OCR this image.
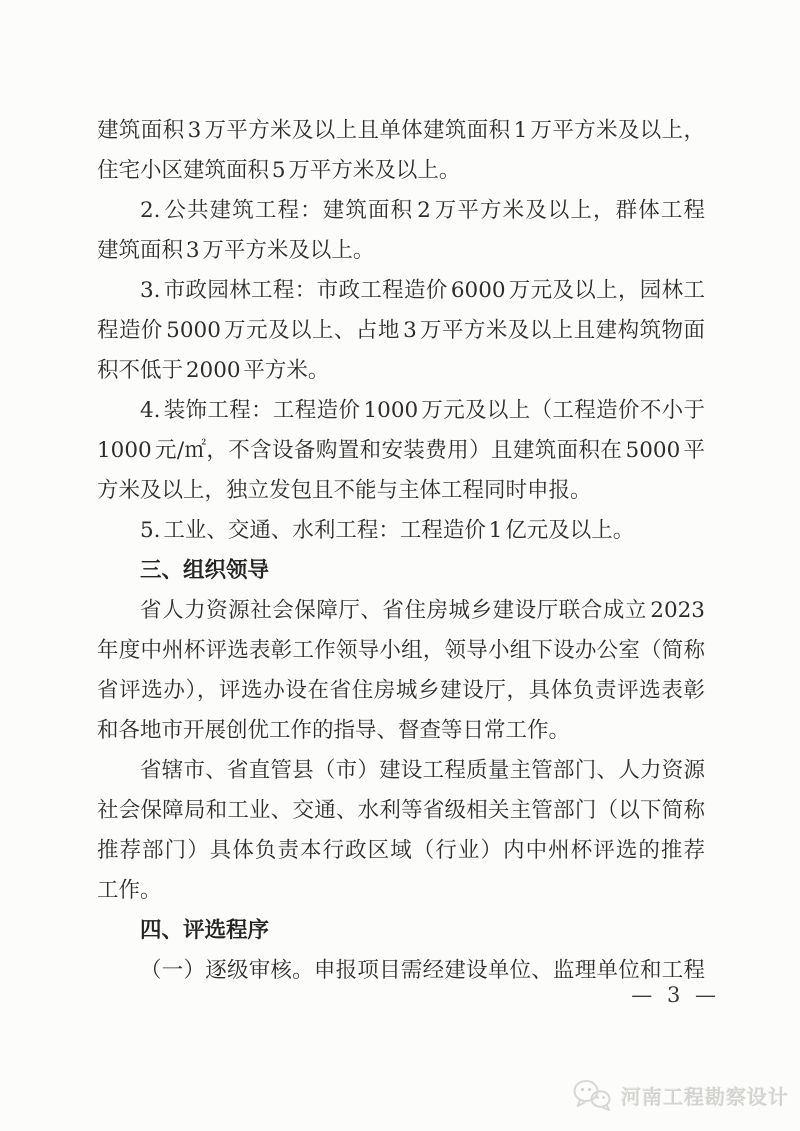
建筑面积 3 万平方米及以上且单体建筑面积 1 万平方米及以上，
住宅小区建筑面积 5 万平方米及以上。
2. 公共建筑工程：建筑面积 2 万平方米及以上，群体工程
建筑面积 3 万平方米及以上。
3. 市政园林工程：市政工程造价 6000 万元及以上，园林工
程造价 5000 万元及以上、占地 3 万平方米及以上且建构筑物面
积不低于 2000 平方米。
4. 装饰工程：工程造价 1000 万元及以上（工程造价不小于
1000 元/㎡，不含设备购置和安装费用）且建筑面积在 5000 平
方米及以上，独立发包且不能与主体工程同时申报。
5. 工业、交通、水利工程：工程造价 1 亿元及以上。
三、组织领导
省人力资源社会保障厅、省住房城乡建设厅联合成立 2023
年度中州杯评选表彰工作领导小组，领导小组下设办公室（简称
省评选办），评选办设在省住房城乡建设厅，具体负责评选表彰
和各地市开展创优工作的指导、督查等日常工作。
省辖市、省直管县（市）建设工程质量主管部门、人力资源
社会保障局和工业、交通、水利等省级相关主管部门（以下简称
推荐部门）具体负责本行政区域（行业）内中州杯评选的推荐
工作。
四、评选程序
（一）逐级审核。申报项目需经建设单位、监理单位和工程
— 3 —
河南工程勘察设计
